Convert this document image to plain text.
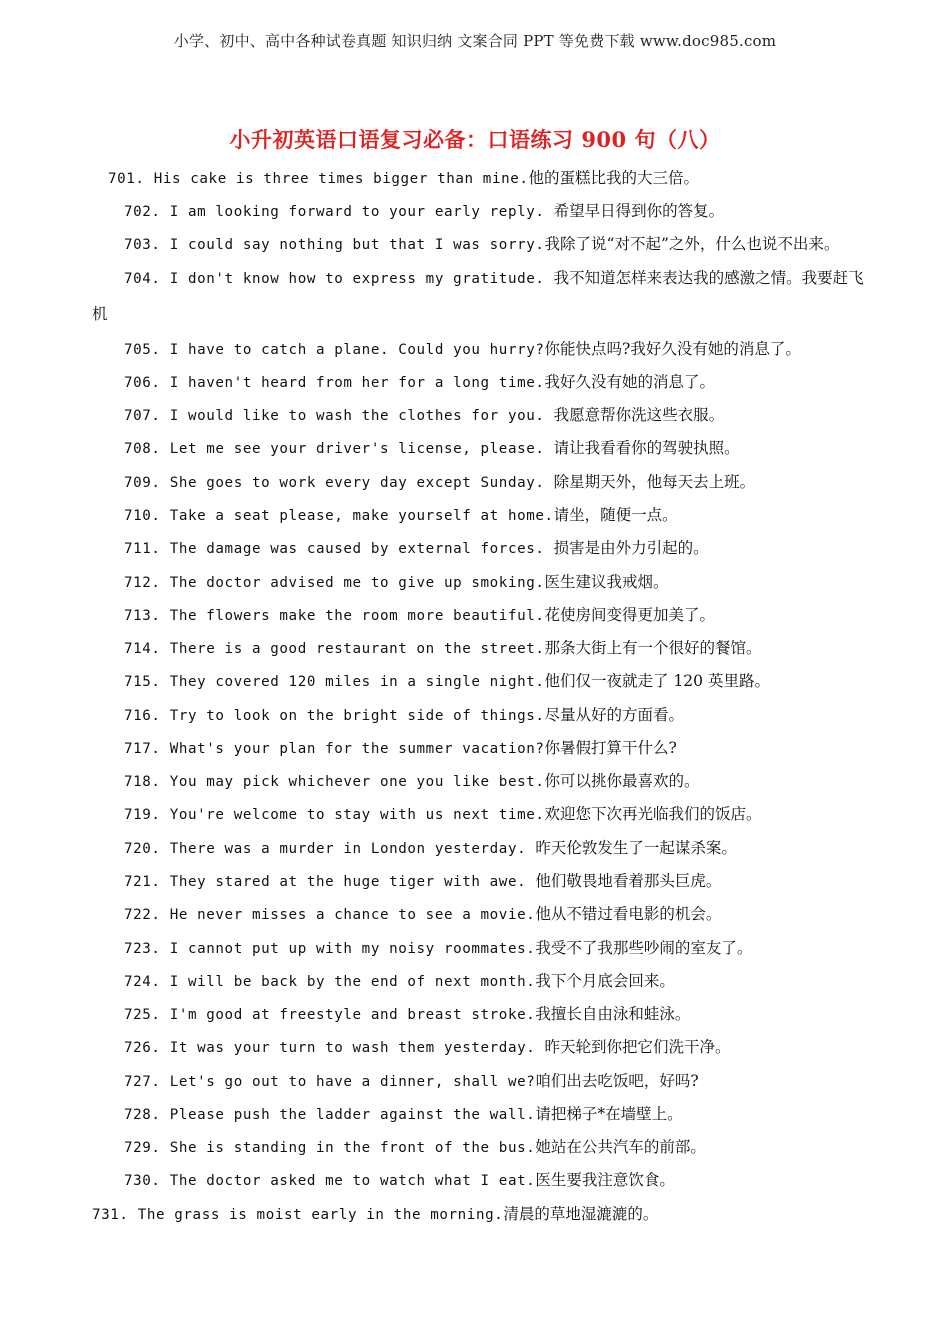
小学、初中、高中各种试卷真题 知识归纳 文案合同 PPT 等免费下载 www.doc985.com
小升初英语口语复习必备：口语练习 900 句（八）
701. His cake is three times bigger than mine.他的蛋糕比我的大三倍。
702. I am looking forward to your early reply. 希望早日得到你的答复。
703. I could say nothing but that I was sorry.我除了说“对不起”之外，什么也说不出来。
704. I don't know how to express my gratitude. 我不知道怎样来表达我的感激之情。我要赶飞
机
705. I have to catch a plane. Could you hurry?你能快点吗?我好久没有她的消息了。
706. I haven't heard from her for a long time.我好久没有她的消息了。
707. I would like to wash the clothes for you. 我愿意帮你洗这些衣服。
708. Let me see your driver's license, please. 请让我看看你的驾驶执照。
709. She goes to work every day except Sunday. 除星期天外，他每天去上班。
710. Take a seat please, make yourself at home.请坐，随便一点。
711. The damage was caused by external forces. 损害是由外力引起的。
712. The doctor advised me to give up smoking.医生建议我戒烟。
713. The flowers make the room more beautiful.花使房间变得更加美了。
714. There is a good restaurant on the street.那条大街上有一个很好的餐馆。
715. They covered 120 miles in a single night.他们仅一夜就走了 120 英里路。
716. Try to look on the bright side of things.尽量从好的方面看。
717. What's your plan for the summer vacation?你暑假打算干什么?
718. You may pick whichever one you like best.你可以挑你最喜欢的。
719. You're welcome to stay with us next time.欢迎您下次再光临我们的饭店。
720. There was a murder in London yesterday. 昨天伦敦发生了一起谋杀案。
721. They stared at the huge tiger with awe. 他们敬畏地看着那头巨虎。
722. He never misses a chance to see a movie.他从不错过看电影的机会。
723. I cannot put up with my noisy roommates.我受不了我那些吵闹的室友了。
724. I will be back by the end of next month.我下个月底会回来。
725. I'm good at freestyle and breast stroke.我擅长自由泳和蛙泳。
726. It was your turn to wash them yesterday. 昨天轮到你把它们洗干净。
727. Let's go out to have a dinner, shall we?咱们出去吃饭吧，好吗?
728. Please push the ladder against the wall.请把梯子*在墙壁上。
729. She is standing in the front of the bus.她站在公共汽车的前部。
730. The doctor asked me to watch what I eat.医生要我注意饮食。
731. The grass is moist early in the morning.清晨的草地湿漉漉的。
